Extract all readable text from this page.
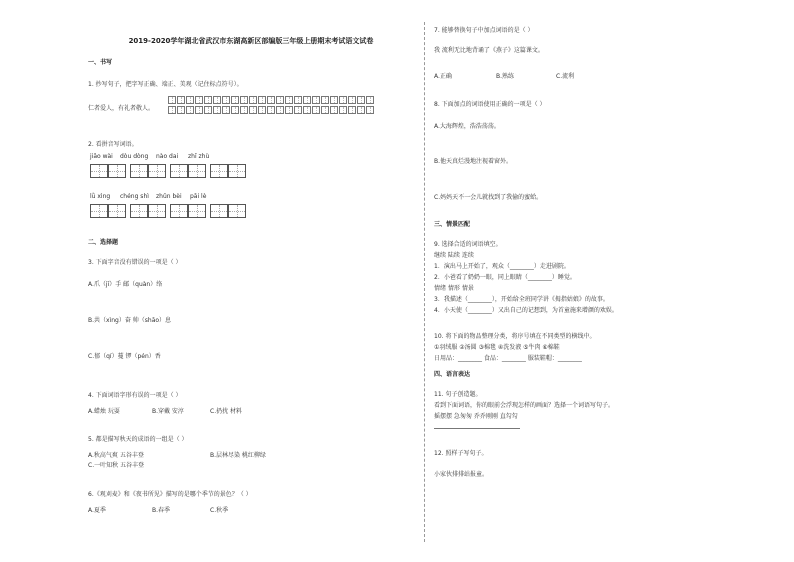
2019-2020学年湖北省武汉市东湖高新区部编版三年级上册期末考试语文试卷
一、书写
1. 抄写句子，把字写正确、端正、美观（记住标点符号）。
仁者爱人，有礼者敬人。
2. 看拼音写词语。
jiāo wài dòu dòng nào dai zhī zhù
lǜ xìng chéng shì zhǔn bèi pāi lè
二、选择题
3. 下面字音没有错误的一项是（ ）
A.爪（jī）手 邮（quàn）络
B.共（xìng）奋 帅（shāo）息
C.郁（qí）蔓 锣（pén）香
4. 下面词语字形有误的一项是（ ）
A.蜡烛 玩耍	B.穿戴 安淳	C.扔扰 材料
5. 都是描写秋天的成语的一组是（ ）
A.秋高气爽 五谷丰登	B.层林尽染 桃红柳绿
C.一叶知秋 五谷丰登
6.《观刈麦》和《夜书所见》描写的是哪个季节的景色？（ ）
A.夏季	B.春季	C.秋季
7. 能够替换句子中加点词语的是（ ）
我 流利无比地背诵了《燕子》这篇课文。
A.正确	B.熟练	C.流利
8. 下面加点的词语使用正确的一项是（ ）
A.大海辉煌，浩浩荡荡。
B.他天真烂漫地注视着窗外。
C.妈妈天不一会儿就找到了我偷的蜜蛤。
三、情景匹配
9. 选择合适的词语填空。
继续 陆续 连续
1．演出马上开始了，观众（________）走进剧院。
2．小爸看了奶奶一眼，同上眼睛（________）睡觉。
情绪 情形 情景
3．我描述（________），开始给全班同学讲《拇指姑娘》的故事。
4．小天使（________）又出自己的记想到，为首童施来增颜的欢娱。
10. 将下面的物品整理分类，将序号填在不同类型的横线中。
①羽绒服 ②汤圆 ③棉毯 ④洗发液 ⑤牛肉 ⑥棉鞋
日用品：________ 食品：________ 服装鞋帽：________
四、语言表达
11. 句子创造题。
看到下面词语，你的眼前会浮现怎样的画面？选择一个词语写句子。
摇摆摆 急匆匆 乔乔刚刚 直勾勾
12. 照样子写句子。
小家伙排排站报童。
